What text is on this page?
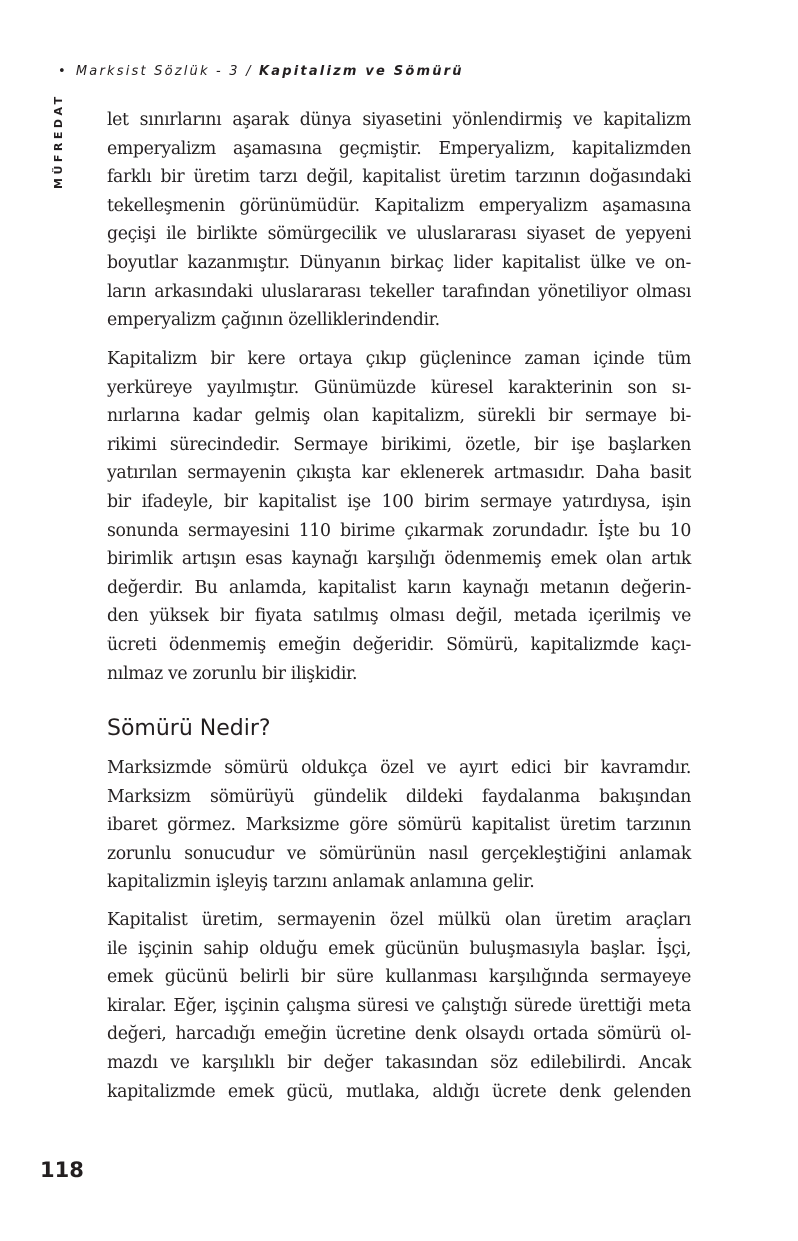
• Marksist Sözlük - 3 / Kapitalizm ve Sömürü
MÜFREDAT let sınırlarını aşarak dünya siyasetini yönlendirmiş ve kapitalizm
emperyalizm aşamasına geçmiştir. Emperyalizm, kapitalizmden
farklı bir üretim tarzı değil, kapitalist üretim tarzının doğasındaki
tekelleşmenin görünümüdür. Kapitalizm emperyalizm aşamasına
geçişi ile birlikte sömürgecilik ve uluslararası siyaset de yepyeni
boyutlar kazanmıştır. Dünyanın birkaç lider kapitalist ülke ve on-
ların arkasındaki uluslararası tekeller tarafından yönetiliyor olması
emperyalizm çağının özelliklerindendir.
Kapitalizm bir kere ortaya çıkıp güçlenince zaman içinde tüm
yerküreye yayılmıştır. Günümüzde küresel karakterinin son sı-
nırlarına kadar gelmiş olan kapitalizm, sürekli bir sermaye bi-
rikimi sürecindedir. Sermaye birikimi, özetle, bir işe başlarken
yatırılan sermayenin çıkışta kar eklenerek artmasıdır. Daha basit
bir ifadeyle, bir kapitalist işe 100 birim sermaye yatırdıysa, işin
sonunda sermayesini 110 birime çıkarmak zorundadır. İşte bu 10
birimlik artışın esas kaynağı karşılığı ödenmemiş emek olan artık
değerdir. Bu anlamda, kapitalist karın kaynağı metanın değerin-
den yüksek bir fiyata satılmış olması değil, metada içerilmiş ve
ücreti ödenmemiş emeğin değeridir. Sömürü, kapitalizmde kaçı-
nılmaz ve zorunlu bir ilişkidir.
Sömürü Nedir?
Marksizmde sömürü oldukça özel ve ayırt edici bir kavramdır.
Marksizm sömürüyü gündelik dildeki faydalanma bakışından
ibaret görmez. Marksizme göre sömürü kapitalist üretim tarzının
zorunlu sonucudur ve sömürünün nasıl gerçekleştiğini anlamak
kapitalizmin işleyiş tarzını anlamak anlamına gelir.
Kapitalist üretim, sermayenin özel mülkü olan üretim araçları
ile işçinin sahip olduğu emek gücünün buluşmasıyla başlar. İşçi,
emek gücünü belirli bir süre kullanması karşılığında sermayeye
kiralar. Eğer, işçinin çalışma süresi ve çalıştığı sürede ürettiği meta
değeri, harcadığı emeğin ücretine denk olsaydı ortada sömürü ol-
mazdı ve karşılıklı bir değer takasından söz edilebilirdi. Ancak
kapitalizmde emek gücü, mutlaka, aldığı ücrete denk gelenden
118
